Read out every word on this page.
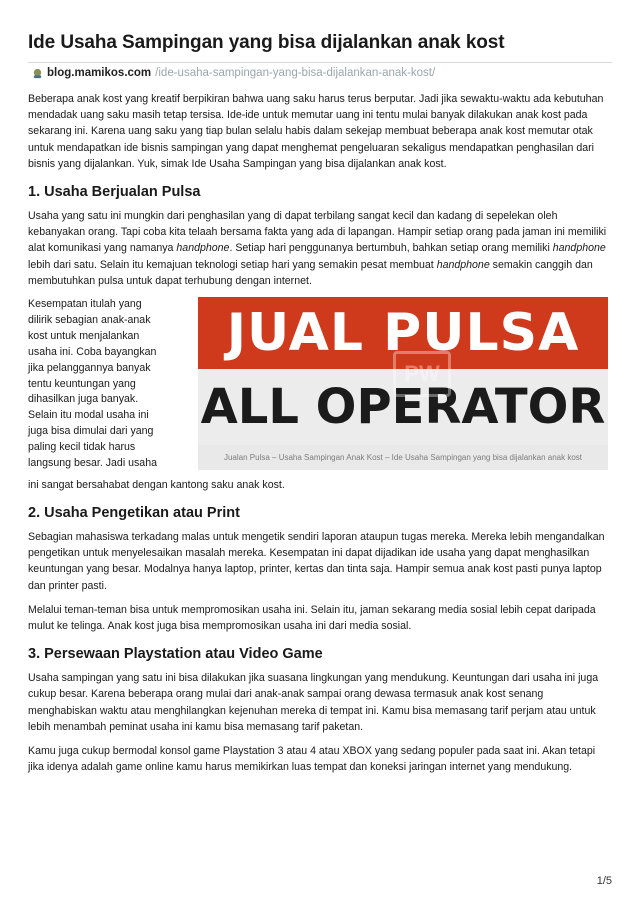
Ide Usaha Sampingan yang bisa dijalankan anak kost
blog.mamikos.com /ide-usaha-sampingan-yang-bisa-dijalankan-anak-kost/

Beberapa anak kost yang kreatif berpikiran bahwa uang saku harus terus berputar. Jadi jika sewaktu-waktu ada kebutuhan mendadak uang saku masih tetap tersisa. Ide-ide untuk memutar uang ini tentu mulai banyak dilakukan anak kost pada sekarang ini. Karena uang saku yang tiap bulan selalu habis dalam sekejap membuat beberapa anak kost memutar otak untuk mendapatkan ide bisnis sampingan yang dapat menghemat pengeluaran sekaligus mendapatkan penghasilan dari bisnis yang dijalankan. Yuk, simak Ide Usaha Sampingan yang bisa dijalankan anak kost.

1. Usaha Berjualan Pulsa

Usaha yang satu ini mungkin dari penghasilan yang di dapat terbilang sangat kecil dan kadang di sepelekan oleh kebanyakan orang. Tapi coba kita telaah bersama fakta yang ada di lapangan. Hampir setiap orang pada jaman ini memiliki alat komunikasi yang namanya handphone. Setiap hari penggunanya bertumbuh, bahkan setiap orang memiliki handphone lebih dari satu. Selain itu kemajuan teknologi setiap hari yang semakin pesat membuat handphone semakin canggih dan membutuhkan pulsa untuk dapat terhubung dengan internet.

Kesempatan itulah yang
dilirik sebagian anak-anak
kost untuk menjalankan
usaha ini. Coba bayangkan
jika pelanggannya banyak
tentu keuntungan yang
dihasilkan juga banyak.
Selain itu modal usaha ini
juga bisa dimulai dari yang
paling kecil tidak harus
langsung besar. Jadi usaha
JUAL PULSA
ALL OPERATOR
PW
Jualan Pulsa – Usaha Sampingan Anak Kost – Ide Usaha Sampingan yang bisa dijalankan anak kost
ini sangat bersahabat dengan kantong saku anak kost.
2. Usaha Pengetikan atau Print

Sebagian mahasiswa terkadang malas untuk mengetik sendiri laporan ataupun tugas mereka. Mereka lebih mengandalkan pengetikan untuk menyelesaikan masalah mereka. Kesempatan ini dapat dijadikan ide usaha yang dapat menghasilkan keuntungan yang besar. Modalnya hanya laptop, printer, kertas dan tinta saja. Hampir semua anak kost pasti punya laptop dan printer pasti.

Melalui teman-teman bisa untuk mempromosikan usaha ini. Selain itu, jaman sekarang media sosial lebih cepat daripada mulut ke telinga. Anak kost juga bisa mempromosikan usaha ini dari media sosial.

3. Persewaan Playstation atau Video Game

Usaha sampingan yang satu ini bisa dilakukan jika suasana lingkungan yang mendukung. Keuntungan dari usaha ini juga cukup besar. Karena beberapa orang mulai dari anak-anak sampai orang dewasa termasuk anak kost senang menghabiskan waktu atau menghilangkan kejenuhan mereka di tempat ini. Kamu bisa memasang tarif perjam atau untuk lebih menambah peminat usaha ini kamu bisa memasang tarif paketan.

Kamu juga cukup bermodal konsol game Playstation 3 atau 4 atau XBOX yang sedang populer pada saat ini. Akan tetapi jika idenya adalah game online kamu harus memikirkan luas tempat dan koneksi jaringan internet yang mendukung.

1/5
